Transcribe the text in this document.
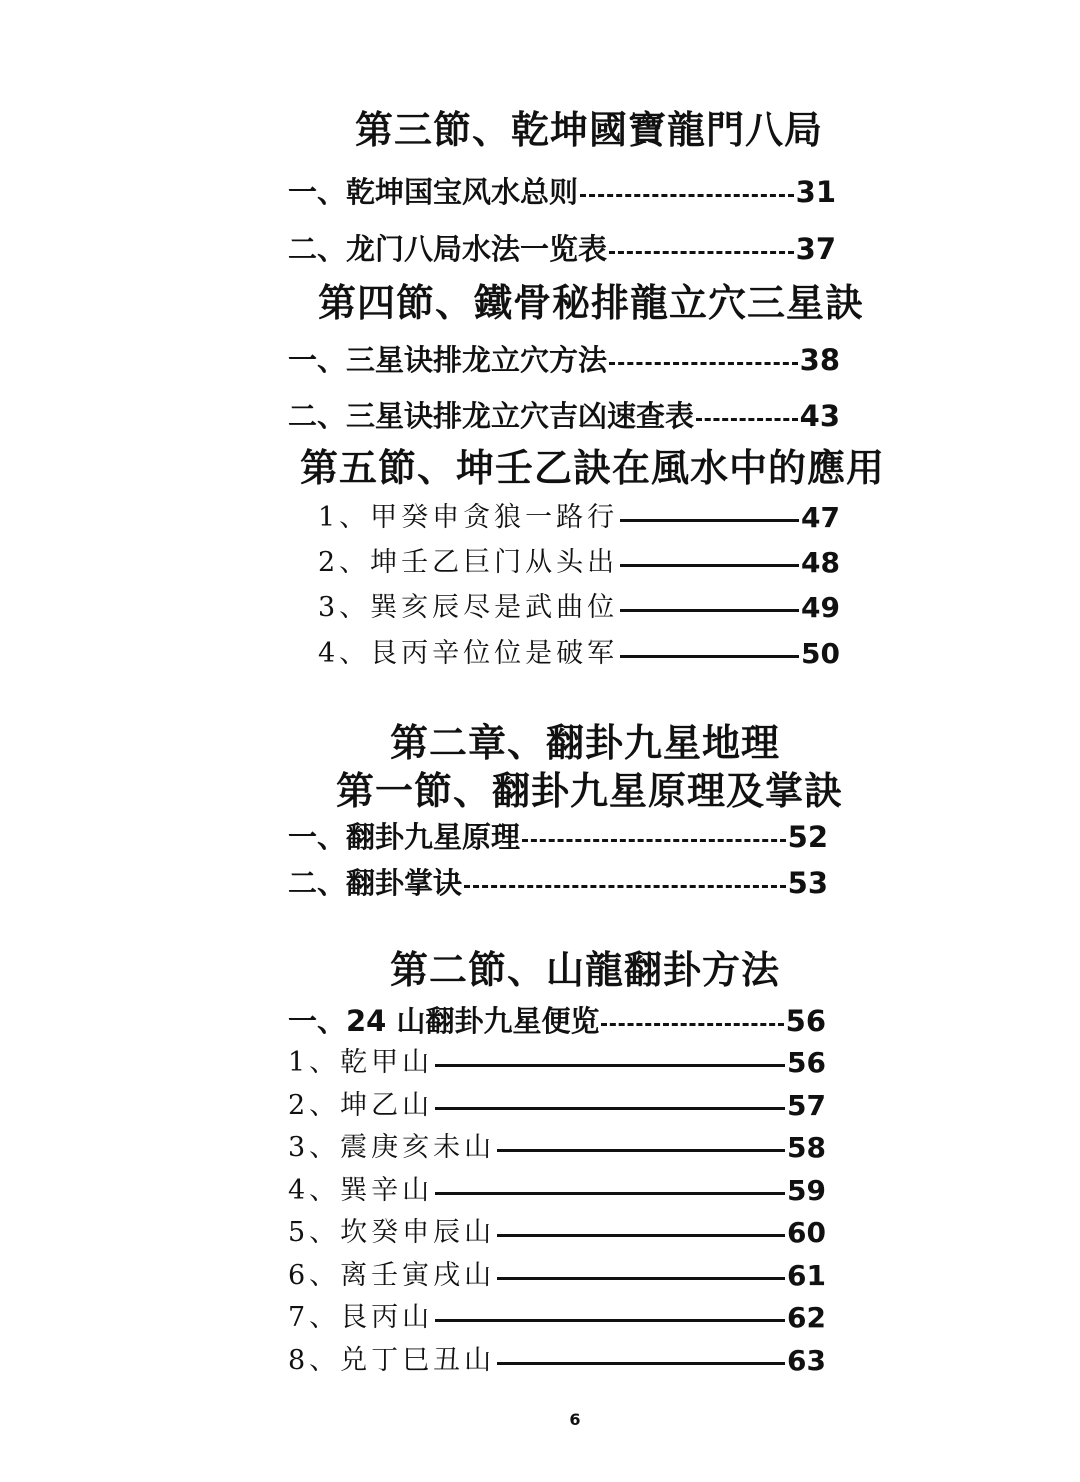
第三節、乾坤國寶龍門八局
一、乾坤国宝风水总则	31
二、龙门八局水法一览表	37
第四節、鐵骨秘排龍立穴三星訣
一、三星诀排龙立穴方法	38
二、三星诀排龙立穴吉凶速查表	43
第五節、坤壬乙訣在風水中的應用
1、甲癸申贪狼一路行	47
2、坤壬乙巨门从头出	48
3、巽亥辰尽是武曲位	49
4、艮丙辛位位是破军	50
第二章、翻卦九星地理
第一節、翻卦九星原理及掌訣
一、翻卦九星原理	52
二、翻卦掌诀	53
第二節、山龍翻卦方法
一、24 山翻卦九星便览	56
1、乾甲山	56
2、坤乙山	57
3、震庚亥未山	58
4、巽辛山	59
5、坎癸申辰山	60
6、离壬寅戌山	61
7、艮丙山	62
8、兑丁巳丑山	63
6
